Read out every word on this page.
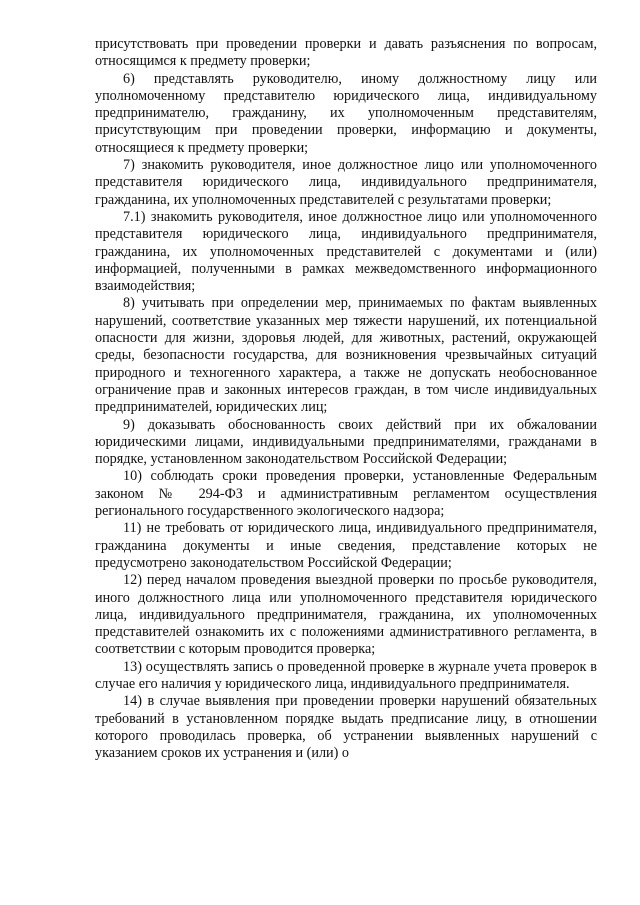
присутствовать при проведении проверки и давать разъяснения по вопросам, относящимся к предмету проверки;

6) представлять руководителю, иному должностному лицу или уполномоченному представителю юридического лица, индивидуальному предпринимателю, гражданину, их уполномоченным представителям, присутствующим при проведении проверки, информацию и документы, относящиеся к предмету проверки;

7) знакомить руководителя, иное должностное лицо или уполномоченного представителя юридического лица, индивидуального предпринимателя, гражданина, их уполномоченных представителей с результатами проверки;

7.1) знакомить руководителя, иное должностное лицо или уполномоченного представителя юридического лица, индивидуального предпринимателя, гражданина, их уполномоченных представителей с документами и (или) информацией, полученными в рамках межведомственного информационного взаимодействия;

8) учитывать при определении мер, принимаемых по фактам выявленных нарушений, соответствие указанных мер тяжести нарушений, их потенциальной опасности для жизни, здоровья людей, для животных, растений, окружающей среды, безопасности государства, для возникновения чрезвычайных ситуаций природного и техногенного характера, а также не допускать необоснованное ограничение прав и законных интересов граждан, в том числе индивидуальных предпринимателей, юридических лиц;

9) доказывать обоснованность своих действий при их обжаловании юридическими лицами, индивидуальными предпринимателями, гражданами в порядке, установленном законодательством Российской Федерации;

10) соблюдать сроки проведения проверки, установленные Федеральным законом № 294-ФЗ и административным регламентом осуществления регионального государственного экологического надзора;

11) не требовать от юридического лица, индивидуального предпринимателя, гражданина документы и иные сведения, представление которых не предусмотрено законодательством Российской Федерации;

12) перед началом проведения выездной проверки по просьбе руководителя, иного должностного лица или уполномоченного представителя юридического лица, индивидуального предпринимателя, гражданина, их уполномоченных представителей ознакомить их с положениями административного регламента, в соответствии с которым проводится проверка;

13) осуществлять запись о проведенной проверке в журнале учета проверок в случае его наличия у юридического лица, индивидуального предпринимателя.

14) в случае выявления при проведении проверки нарушений обязательных требований в установленном порядке выдать предписание лицу, в отношении которого проводилась проверка, об устранении выявленных нарушений с указанием сроков их устранения и (или) о
